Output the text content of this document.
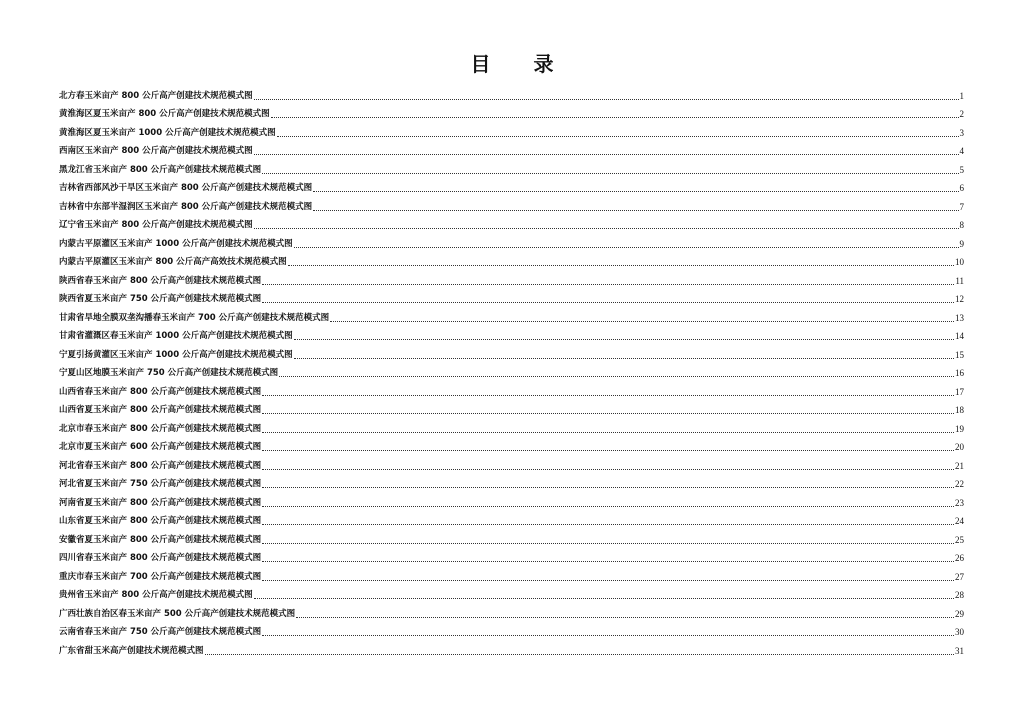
目 录
北方春玉米亩产 800 公斤高产创建技术规范模式图	1
黄淮海区夏玉米亩产 800 公斤高产创建技术规范模式图	2
黄淮海区夏玉米亩产 1000 公斤高产创建技术规范模式图	3
西南区玉米亩产 800 公斤高产创建技术规范模式图	4
黑龙江省玉米亩产 800 公斤高产创建技术规范模式图	5
吉林省西部风沙干旱区玉米亩产 800 公斤高产创建技术规范模式图	6
吉林省中东部半湿润区玉米亩产 800 公斤高产创建技术规范模式图	7
辽宁省玉米亩产 800 公斤高产创建技术规范模式图	8
内蒙古平原灌区玉米亩产 1000 公斤高产创建技术规范模式图	9
内蒙古平原灌区玉米亩产 800 公斤高产高效技术规范模式图	10
陕西省春玉米亩产 800 公斤高产创建技术规范模式图	11
陕西省夏玉米亩产 750 公斤高产创建技术规范模式图	12
甘肃省旱地全膜双垄沟播春玉米亩产 700 公斤高产创建技术规范模式图	13
甘肃省灌溉区春玉米亩产 1000 公斤高产创建技术规范模式图	14
宁夏引扬黄灌区玉米亩产 1000 公斤高产创建技术规范模式图	15
宁夏山区地膜玉米亩产 750 公斤高产创建技术规范模式图	16
山西省春玉米亩产 800 公斤高产创建技术规范模式图	17
山西省夏玉米亩产 800 公斤高产创建技术规范模式图	18
北京市春玉米亩产 800 公斤高产创建技术规范模式图	19
北京市夏玉米亩产 600 公斤高产创建技术规范模式图	20
河北省春玉米亩产 800 公斤高产创建技术规范模式图	21
河北省夏玉米亩产 750 公斤高产创建技术规范模式图	22
河南省夏玉米亩产 800 公斤高产创建技术规范模式图	23
山东省夏玉米亩产 800 公斤高产创建技术规范模式图	24
安徽省夏玉米亩产 800 公斤高产创建技术规范模式图	25
四川省春玉米亩产 800 公斤高产创建技术规范模式图	26
重庆市春玉米亩产 700 公斤高产创建技术规范模式图	27
贵州省玉米亩产 800 公斤高产创建技术规范模式图	28
广西壮族自治区春玉米亩产 500 公斤高产创建技术规范模式图	29
云南省春玉米亩产 750 公斤高产创建技术规范模式图	30
广东省甜玉米高产创建技术规范模式图	31
